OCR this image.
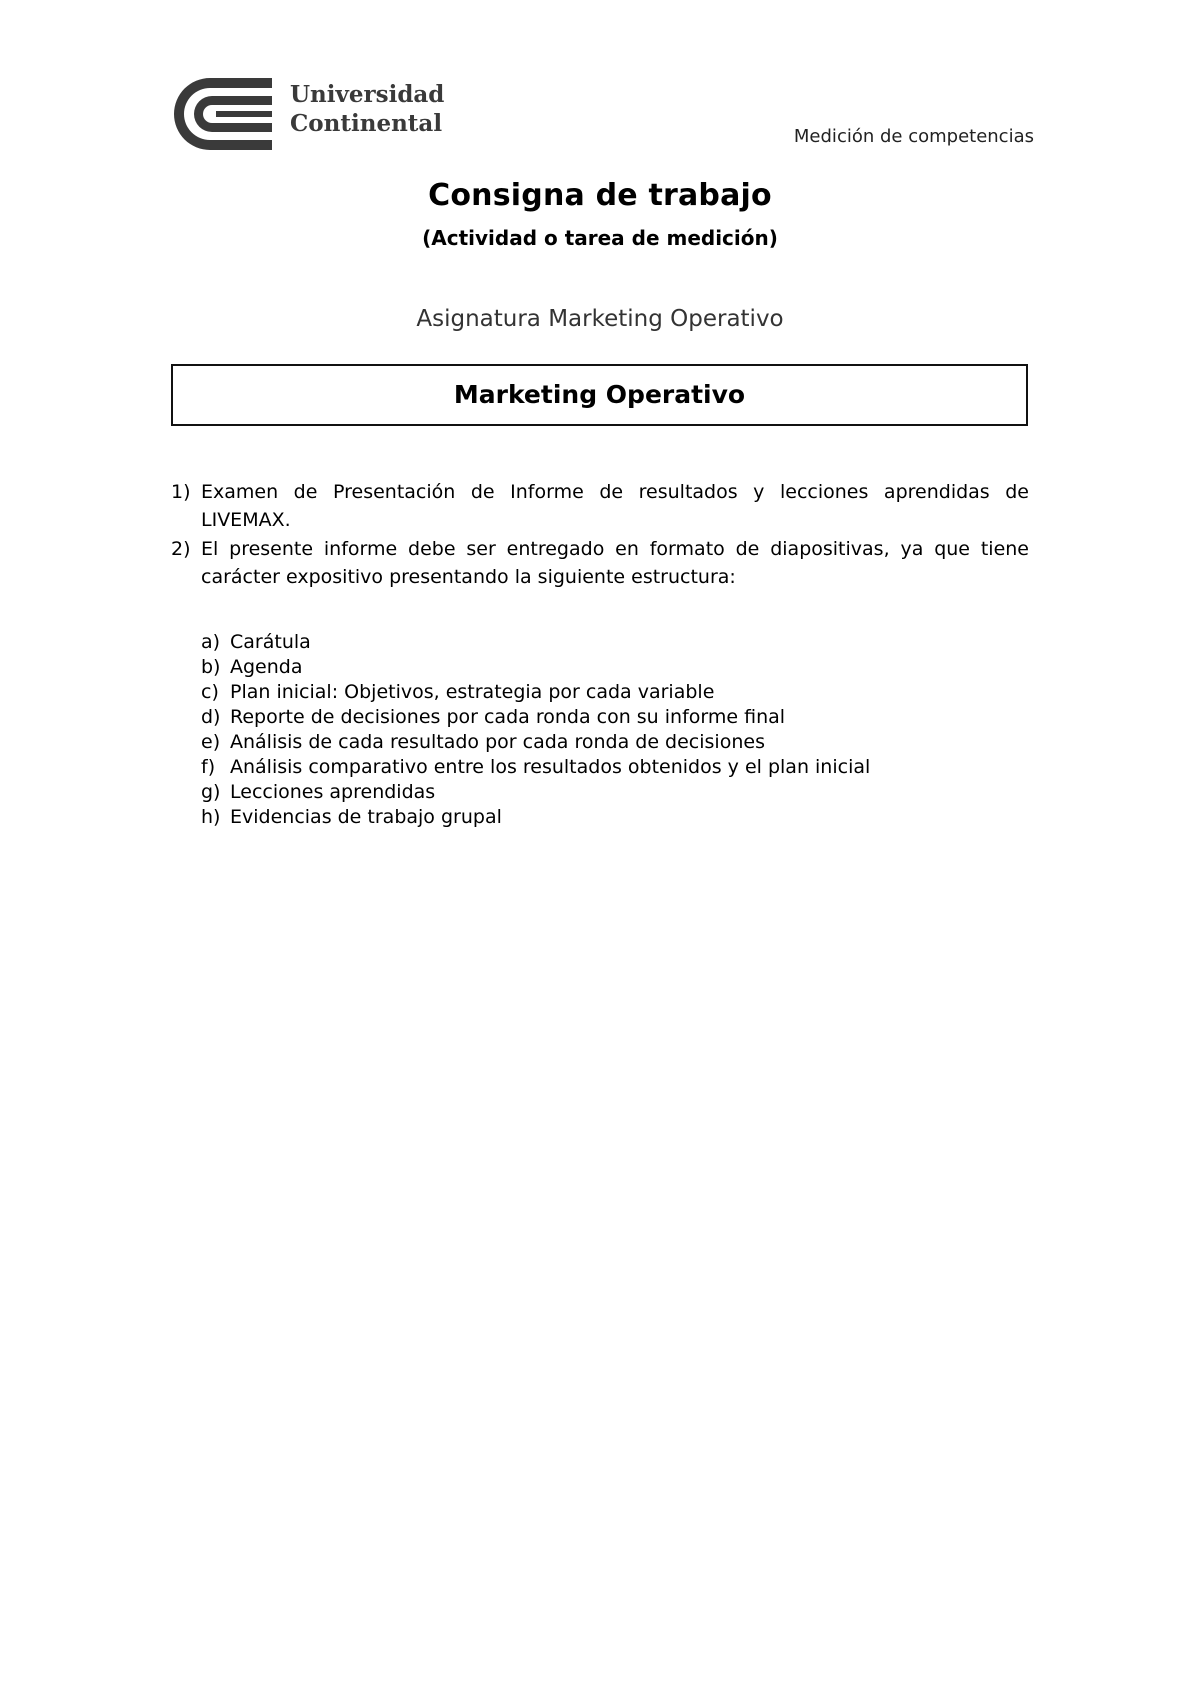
Universidad
Continental	Medición de competencias
Consigna de trabajo
(Actividad o tarea de medición)
Asignatura Marketing Operativo
Marketing Operativo
1) Examen de Presentación de Informe de resultados y lecciones aprendidas de LIVEMAX.
2) El presente informe debe ser entregado en formato de diapositivas, ya que tiene carácter expositivo presentando la siguiente estructura:
a) Carátula
b) Agenda
c) Plan inicial: Objetivos, estrategia por cada variable
d) Reporte de decisiones por cada ronda con su informe final
e) Análisis de cada resultado por cada ronda de decisiones
f) Análisis comparativo entre los resultados obtenidos y el plan inicial
g) Lecciones aprendidas
h) Evidencias de trabajo grupal
